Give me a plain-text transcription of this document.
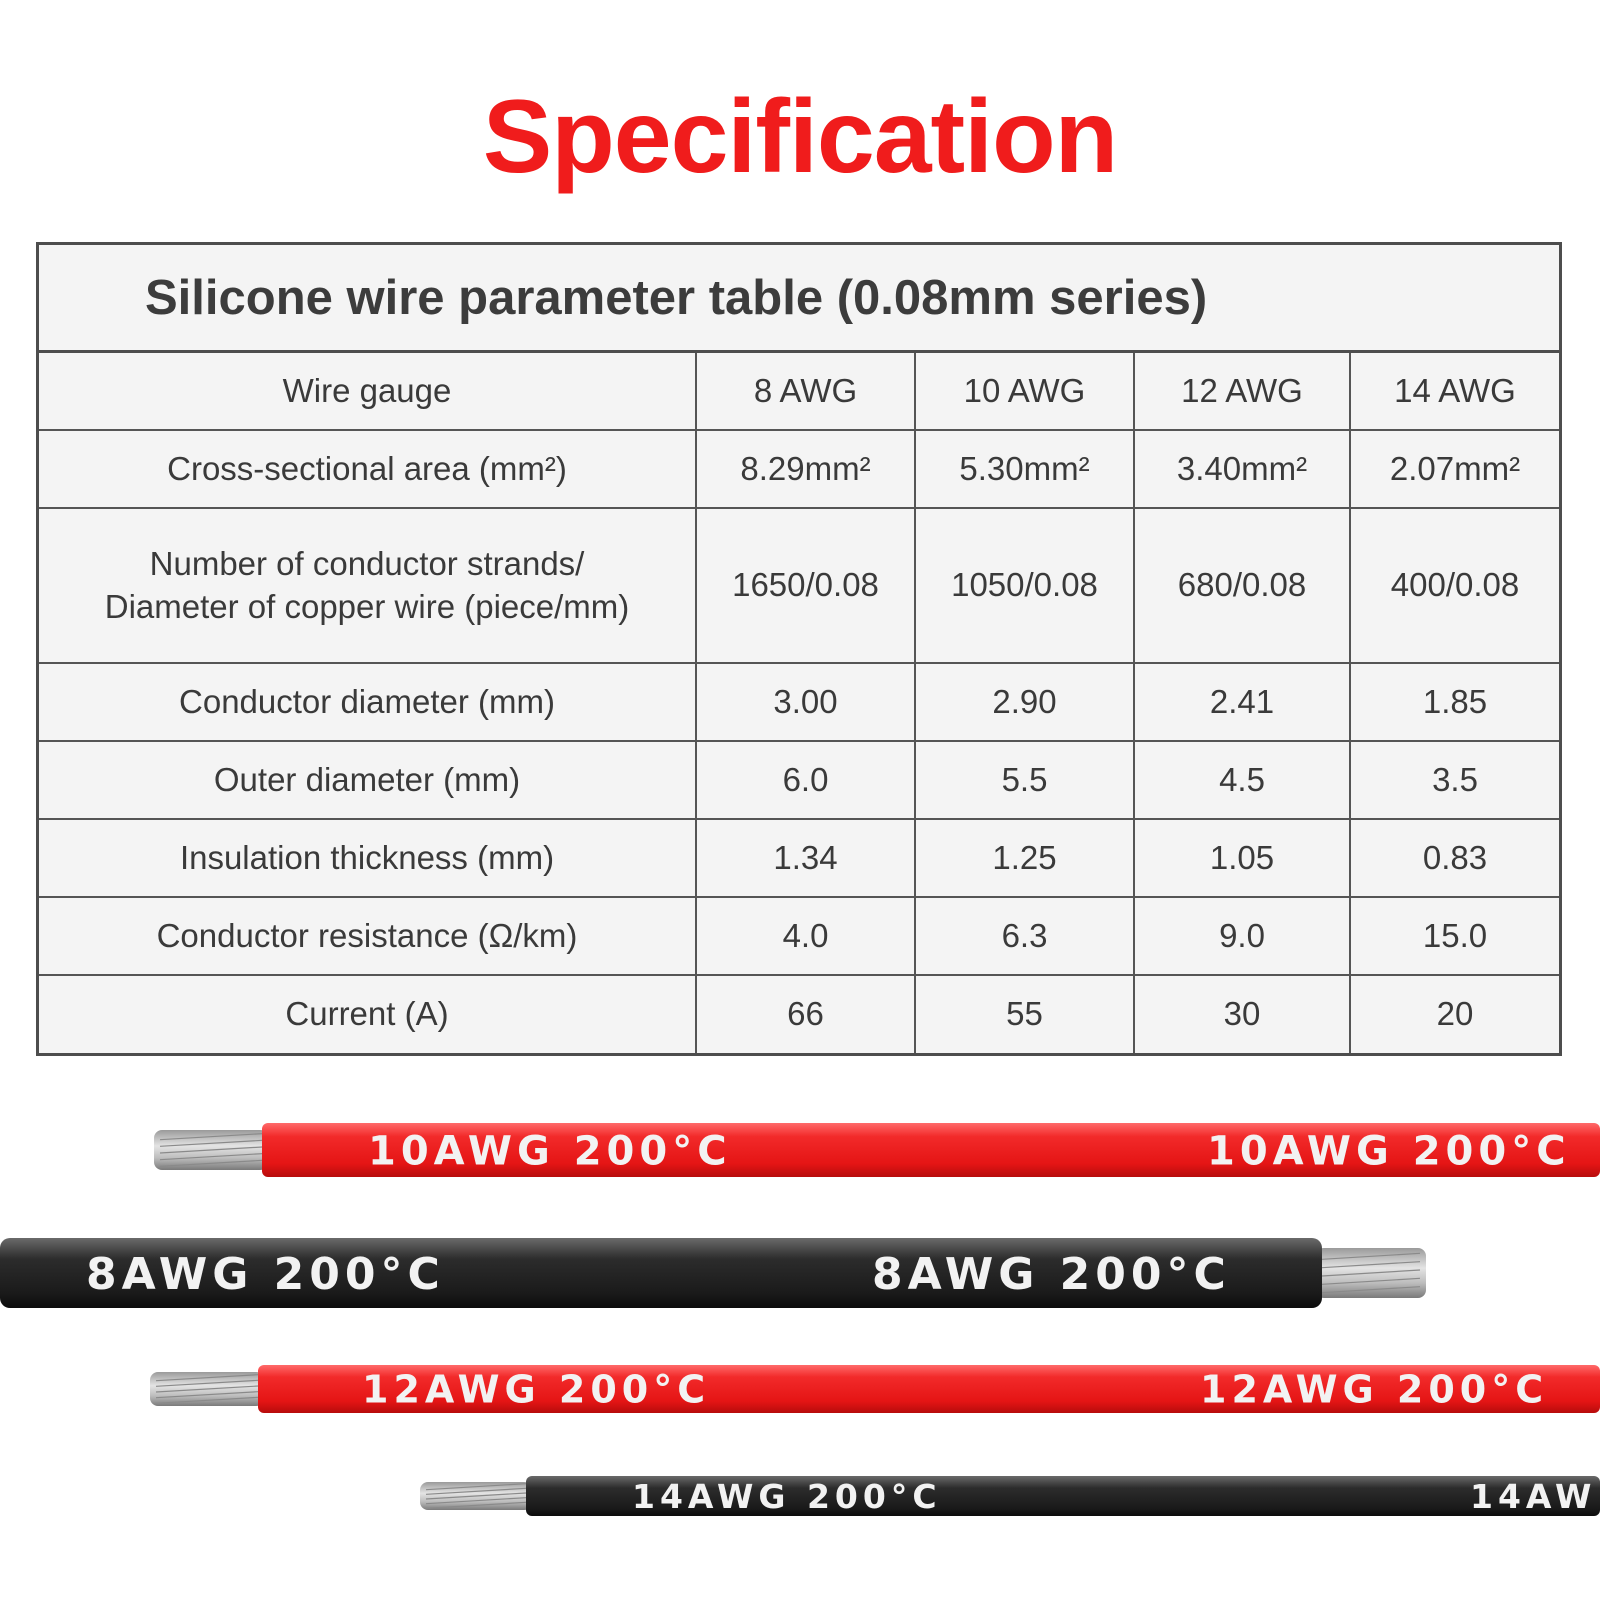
Specification
Silicone wire parameter table (0.08mm series)
Wire gauge	8 AWG	10 AWG	12 AWG	14 AWG
Cross-sectional area (mm²)	8.29mm²	5.30mm²	3.40mm²	2.07mm²
Number of conductor strands/
Diameter of copper wire (piece/mm)
1650/0.08	1050/0.08	680/0.08	400/0.08
Conductor diameter (mm)	3.00	2.90	2.41	1.85
Outer diameter (mm)	6.0	5.5	4.5	3.5
Insulation thickness (mm)	1.34	1.25	1.05	0.83
Conductor resistance (Ω/km)	4.0	6.3	9.0	15.0
Current (A)	66	55	30	20
10AWG 200°C	10AWG 200°C
8AWG 200°C	8AWG 200°C
12AWG 200°C	12AWG 200°C
14AWG 200°C	14AW
